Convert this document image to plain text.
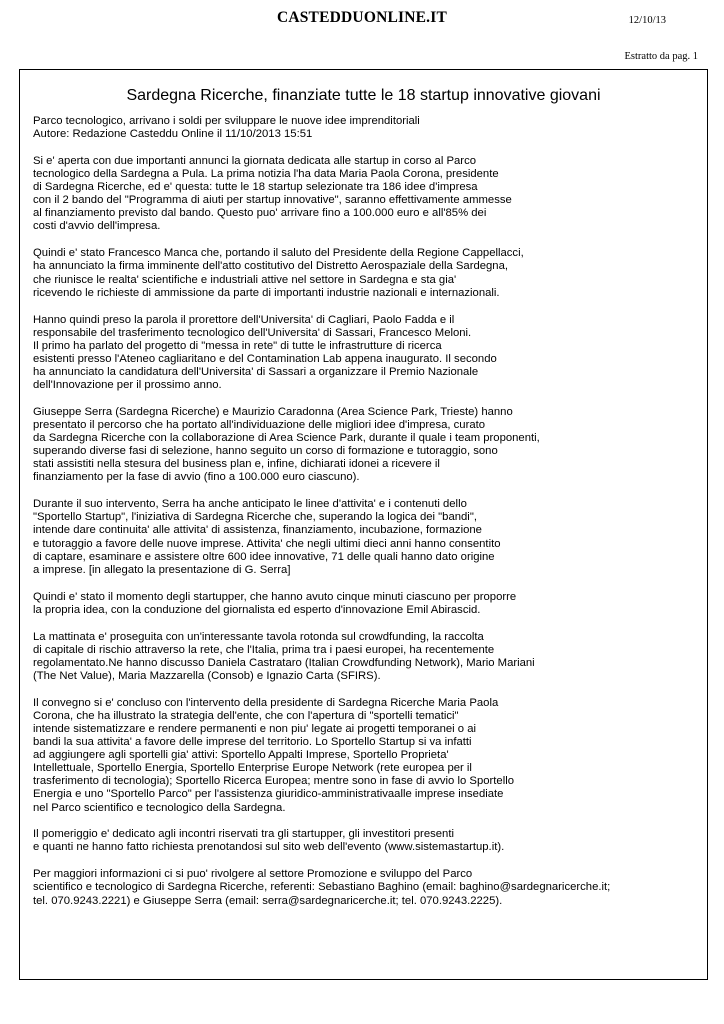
CASTEDDUONLINE.IT	12/10/13
Estratto da pag. 1
Sardegna Ricerche, finanziate tutte le 18 startup innovative giovani

Parco tecnologico, arrivano i soldi per sviluppare le nuove idee imprenditoriali
Autore: Redazione Casteddu Online il 11/10/2013 15:51

Si e' aperta con due importanti annunci la giornata dedicata alle startup in corso al Parco
tecnologico della Sardegna a Pula. La prima notizia l'ha data Maria Paola Corona, presidente
di Sardegna Ricerche, ed e' questa: tutte le 18 startup selezionate tra 186 idee d'impresa
con il 2 bando del "Programma di aiuti per startup innovative", saranno effettivamente ammesse
al finanziamento previsto dal bando. Questo puo' arrivare fino a 100.000 euro e all'85% dei
costi d'avvio dell'impresa.

Quindi e' stato Francesco Manca che, portando il saluto del Presidente della Regione Cappellacci,
ha annunciato la firma imminente dell'atto costitutivo del Distretto Aerospaziale della Sardegna,
che riunisce le realta' scientifiche e industriali attive nel settore in Sardegna e sta gia'
ricevendo le richieste di ammissione da parte di importanti industrie nazionali e internazionali.

Hanno quindi preso la parola il prorettore dell'Universita' di Cagliari, Paolo Fadda e il
responsabile del trasferimento tecnologico dell'Universita' di Sassari, Francesco Meloni.
Il primo ha parlato del progetto di "messa in rete" di tutte le infrastrutture di ricerca
esistenti presso l'Ateneo cagliaritano e del Contamination Lab appena inaugurato. Il secondo
ha annunciato la candidatura dell'Universita' di Sassari a organizzare il Premio Nazionale
dell'Innovazione per il prossimo anno.

Giuseppe Serra (Sardegna Ricerche) e Maurizio Caradonna (Area Science Park, Trieste) hanno
presentato il percorso che ha portato all'individuazione delle migliori idee d'impresa, curato
da Sardegna Ricerche con la collaborazione di Area Science Park, durante il quale i team proponenti,
superando diverse fasi di selezione, hanno seguito un corso di formazione e tutoraggio, sono
stati assistiti nella stesura del business plan e, infine, dichiarati idonei a ricevere il
finanziamento per la fase di avvio (fino a 100.000 euro ciascuno).

Durante il suo intervento, Serra ha anche anticipato le linee d'attivita' e i contenuti dello
"Sportello Startup", l'iniziativa di Sardegna Ricerche che, superando la logica dei "bandi",
intende dare continuita' alle attivita' di assistenza, finanziamento, incubazione, formazione
e tutoraggio a favore delle nuove imprese. Attivita' che negli ultimi dieci anni hanno consentito
di captare, esaminare e assistere oltre 600 idee innovative, 71 delle quali hanno dato origine
a imprese. [in allegato la presentazione di G. Serra]

Quindi e' stato il momento degli startupper, che hanno avuto cinque minuti ciascuno per proporre
la propria idea, con la conduzione del giornalista ed esperto d'innovazione Emil Abirascid.

La mattinata e' proseguita con un'interessante tavola rotonda sul crowdfunding, la raccolta
di capitale di rischio attraverso la rete, che l'Italia, prima tra i paesi europei, ha recentemente
regolamentato.Ne hanno discusso Daniela Castrataro (Italian Crowdfunding Network), Mario Mariani
(The Net Value), Maria Mazzarella (Consob) e Ignazio Carta (SFIRS).

Il convegno si e' concluso con l'intervento della presidente di Sardegna Ricerche Maria Paola
Corona, che ha illustrato la strategia dell'ente, che con l'apertura di "sportelli tematici"
intende sistematizzare e rendere permanenti e non piu' legate ai progetti temporanei o ai
bandi la sua attivita' a favore delle imprese del territorio. Lo Sportello Startup si va infatti
ad aggiungere agli sportelli gia' attivi: Sportello Appalti Imprese, Sportello Proprieta'
Intellettuale, Sportello Energia, Sportello Enterprise Europe Network (rete europea per il
trasferimento di tecnologia); Sportello Ricerca Europea; mentre sono in fase di avvio lo Sportello
Energia e uno "Sportello Parco" per l'assistenza giuridico-amministrativaalle imprese insediate
nel Parco scientifico e tecnologico della Sardegna.

Il pomeriggio e' dedicato agli incontri riservati tra gli startupper, gli investitori presenti
e quanti ne hanno fatto richiesta prenotandosi sul sito web dell'evento (www.sistemastartup.it).

Per maggiori informazioni ci si puo' rivolgere al settore Promozione e sviluppo del Parco
scientifico e tecnologico di Sardegna Ricerche, referenti: Sebastiano Baghino (email: baghino@sardegnaricerche.it;
tel. 070.9243.2221) e Giuseppe Serra (email: serra@sardegnaricerche.it; tel. 070.9243.2225).
